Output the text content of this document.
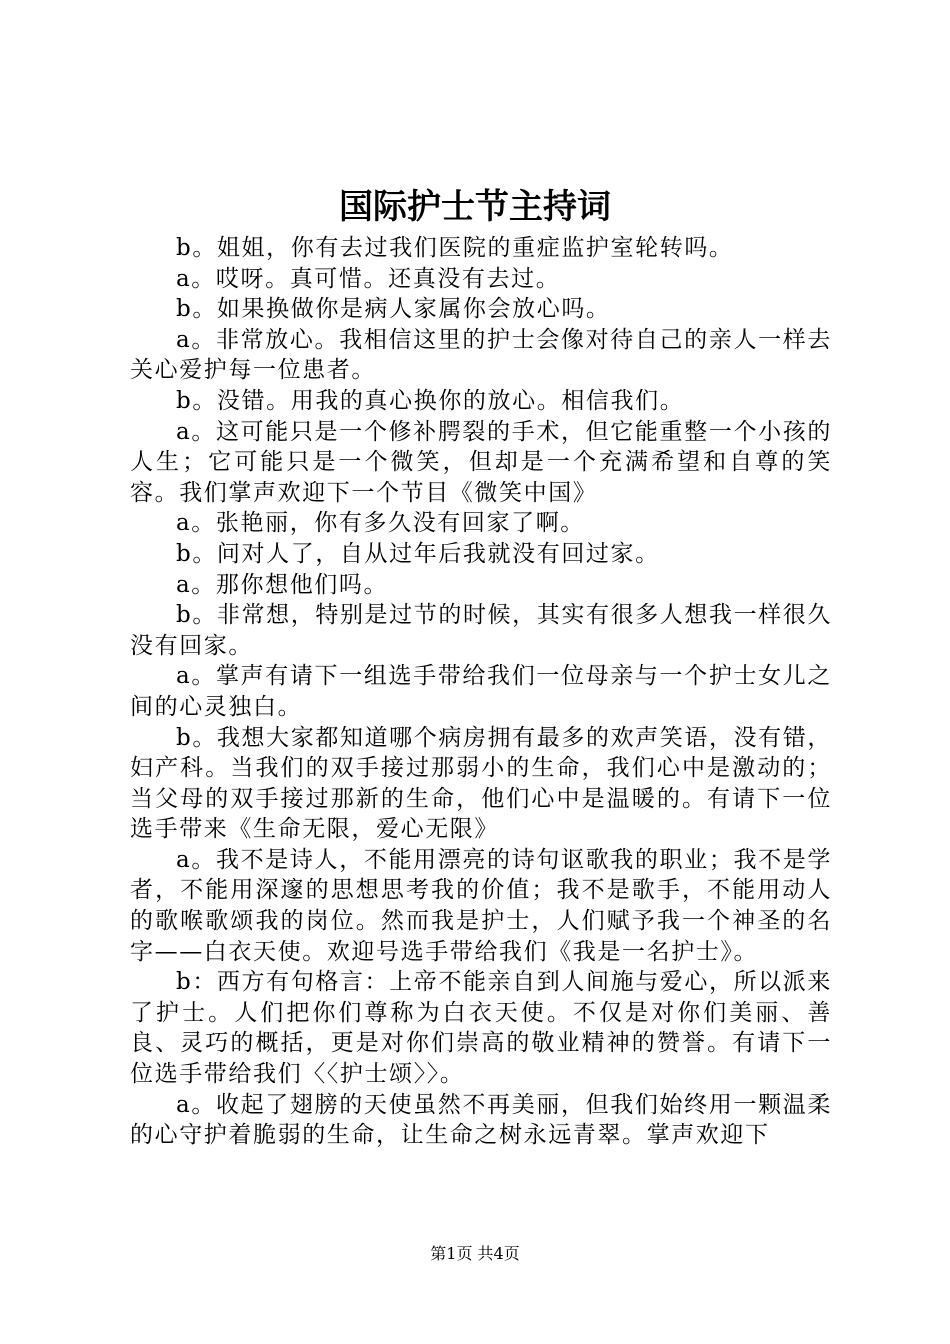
国际护士节主持词

b。姐姐，你有去过我们医院的重症监护室轮转吗。

a。哎呀。真可惜。还真没有去过。

b。如果换做你是病人家属你会放心吗。

a。非常放心。我相信这里的护士会像对待自己的亲人一样去关心爱护每一位患者。

b。没错。用我的真心换你的放心。相信我们。

a。这可能只是一个修补腭裂的手术，但它能重整一个小孩的人生；它可能只是一个微笑，但却是一个充满希望和自尊的笑容。我们掌声欢迎下一个节目《微笑中国》

a。张艳丽，你有多久没有回家了啊。

b。问对人了，自从过年后我就没有回过家。

a。那你想他们吗。

b。非常想，特别是过节的时候，其实有很多人想我一样很久没有回家。

a。掌声有请下一组选手带给我们一位母亲与一个护士女儿之间的心灵独白。

b。我想大家都知道哪个病房拥有最多的欢声笑语，没有错，妇产科。当我们的双手接过那弱小的生命，我们心中是激动的；当父母的双手接过那新的生命，他们心中是温暖的。有请下一位选手带来《生命无限，爱心无限》

a。我不是诗人，不能用漂亮的诗句讴歌我的职业；我不是学者，不能用深邃的思想思考我的价值；我不是歌手，不能用动人的歌喉歌颂我的岗位。然而我是护士，人们赋予我一个神圣的名字——白衣天使。欢迎号选手带给我们《我是一名护士》。

b：西方有句格言：上帝不能亲自到人间施与爱心，所以派来了护士。人们把你们尊称为白衣天使。不仅是对你们美丽、善良、灵巧的概括，更是对你们崇高的敬业精神的赞誉。有请下一位选手带给我们〈〈护士颂〉〉。

a。收起了翅膀的天使虽然不再美丽，但我们始终用一颗温柔的心守护着脆弱的生命，让生命之树永远青翠。掌声欢迎下

第1页 共4页
